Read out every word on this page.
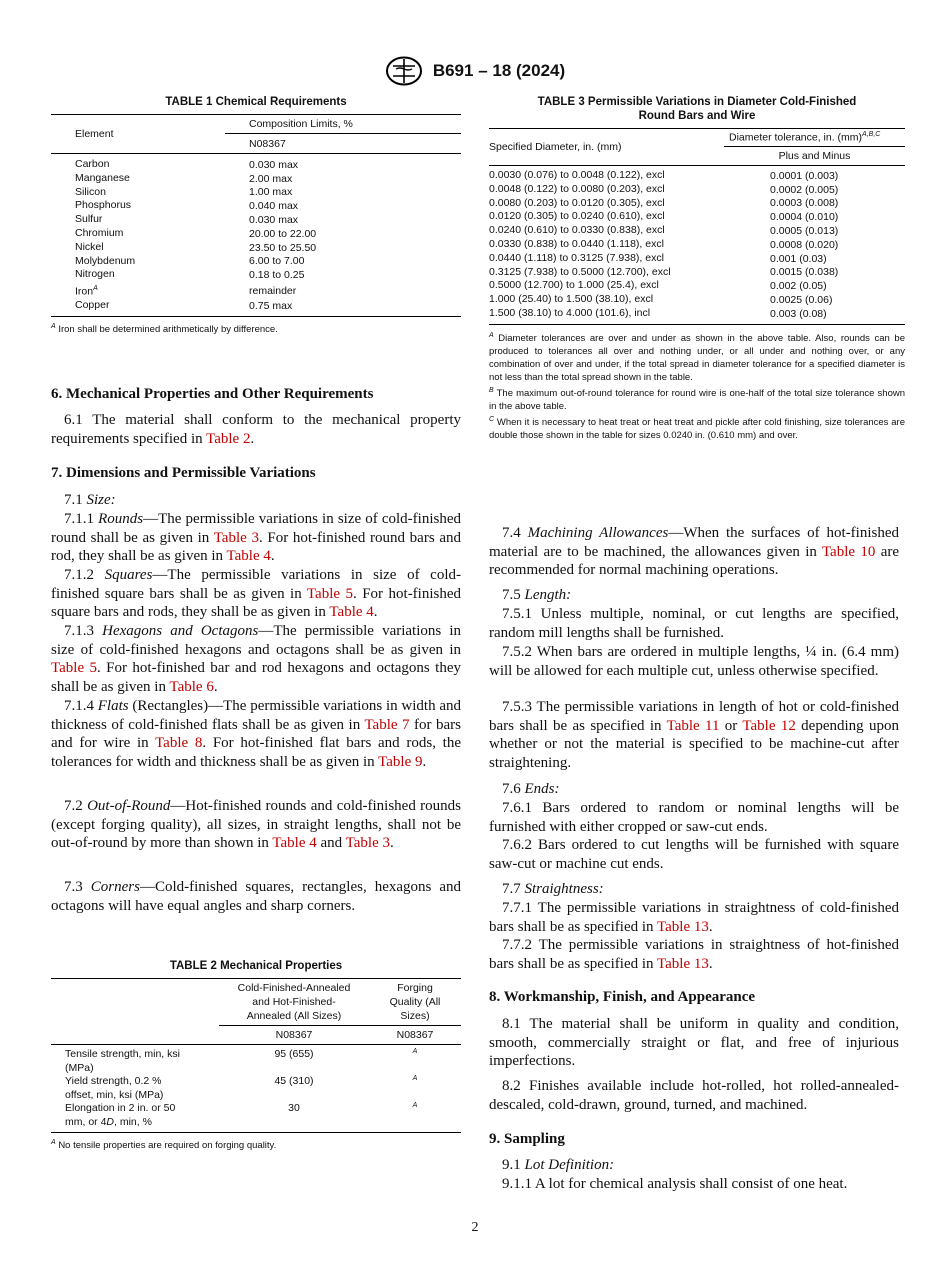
B691 – 18 (2024)
TABLE 1 Chemical Requirements
Element	Composition Limits, %
	N08367

Carbon	0.030 max
Manganese	2.00 max
Silicon	1.00 max
Phosphorus	0.040 max
Sulfur	0.030 max
Chromium	20.00 to 22.00
Nickel	23.50 to 25.50
Molybdenum	6.00 to 7.00
Nitrogen	0.18 to 0.25
Iron$^A$	remainder
Copper	0.75 max
$^A$ Iron shall be determined arithmetically by difference.
6. Mechanical Properties and Other Requirements
6.1 The material shall conform to the mechanical property requirements specified in Table 2.
7. Dimensions and Permissible Variations
7.1 Size:
7.1.1 Rounds—The permissible variations in size of cold-finished round shall be as given in Table 3. For hot-finished round bars and rod, they shall be as given in Table 4.
7.1.2 Squares—The permissible variations in size of cold-finished square bars shall be as given in Table 5. For hot-finished square bars and rods, they shall be as given in Table 4.
7.1.3 Hexagons and Octagons—The permissible variations in size of cold-finished hexagons and octagons shall be as given in Table 5. For hot-finished bar and rod hexagons and octagons they shall be as given in Table 6.
7.1.4 Flats (Rectangles)—The permissible variations in width and thickness of cold-finished flats shall be as given in Table 7 for bars and for wire in Table 8. For hot-finished flat bars and rods, the tolerances for width and thickness shall be as given in Table 9.
7.2 Out-of-Round—Hot-finished rounds and cold-finished rounds (except forging quality), all sizes, in straight lengths, shall not be out-of-round by more than shown in Table 4 and Table 3.
7.3 Corners—Cold-finished squares, rectangles, hexagons and octagons will have equal angles and sharp corners.
TABLE 2 Mechanical Properties
	Cold-Finished-Annealed and Hot-Finished-Annealed (All Sizes)	Forging Quality (All Sizes)
	N08367	N08367

Tensile strength, min, ksi (MPa)	95 (655)	$^A$
Yield strength, 0.2 % offset, min, ksi (MPa)	45 (310)	$^A$
Elongation in 2 in. or 50 mm, or 4D, min, %	30	$^A$
$^A$ No tensile properties are required on forging quality.
TABLE 3 Permissible Variations in Diameter Cold-Finished
Round Bars and Wire
Specified Diameter, in. (mm)	Diameter tolerance, in. (mm)$^{A,B,C}$
	Plus and Minus

0.0030 (0.076) to 0.0048 (0.122), excl	0.0001 (0.003)
0.0048 (0.122) to 0.0080 (0.203), excl	0.0002 (0.005)
0.0080 (0.203) to 0.0120 (0.305), excl	0.0003 (0.008)
0.0120 (0.305) to 0.0240 (0.610), excl	0.0004 (0.010)
0.0240 (0.610) to 0.0330 (0.838), excl	0.0005 (0.013)
0.0330 (0.838) to 0.0440 (1.118), excl	0.0008 (0.020)
0.0440 (1.118) to 0.3125 (7.938), excl	0.001 (0.03)
0.3125 (7.938) to 0.5000 (12.700), excl	0.0015 (0.038)
0.5000 (12.700) to 1.000 (25.4), excl	0.002 (0.05)
1.000 (25.40) to 1.500 (38.10), excl	0.0025 (0.06)
1.500 (38.10) to 4.000 (101.6), incl	0.003 (0.08)
$^A$ Diameter tolerances are over and under as shown in the above table. Also, rounds can be produced to tolerances all over and nothing under, or all under and nothing over, or any combination of over and under, if the total spread in diameter tolerance for a specified diameter is not less than the total spread shown in the table.
$^B$ The maximum out-of-round tolerance for round wire is one-half of the total size tolerance shown in the above table.
$^C$ When it is necessary to heat treat or heat treat and pickle after cold finishing, size tolerances are double those shown in the table for sizes 0.0240 in. (0.610 mm) and over.
7.4 Machining Allowances—When the surfaces of hot-finished material are to be machined, the allowances given in Table 10 are recommended for normal machining operations.
7.5 Length:
7.5.1 Unless multiple, nominal, or cut lengths are specified, random mill lengths shall be furnished.
7.5.2 When bars are ordered in multiple lengths, ¼ in. (6.4 mm) will be allowed for each multiple cut, unless otherwise specified.
7.5.3 The permissible variations in length of hot or cold-finished bars shall be as specified in Table 11 or Table 12 depending upon whether or not the material is specified to be machine-cut after straightening.
7.6 Ends:
7.6.1 Bars ordered to random or nominal lengths will be furnished with either cropped or saw-cut ends.
7.6.2 Bars ordered to cut lengths will be furnished with square saw-cut or machine cut ends.
7.7 Straightness:
7.7.1 The permissible variations in straightness of cold-finished bars shall be as specified in Table 13.
7.7.2 The permissible variations in straightness of hot-finished bars shall be as specified in Table 13.
8. Workmanship, Finish, and Appearance
8.1 The material shall be uniform in quality and condition, smooth, commercially straight or flat, and free of injurious imperfections.
8.2 Finishes available include hot-rolled, hot rolled-annealed-descaled, cold-drawn, ground, turned, and machined.
9. Sampling
9.1 Lot Definition:
9.1.1 A lot for chemical analysis shall consist of one heat.
2
